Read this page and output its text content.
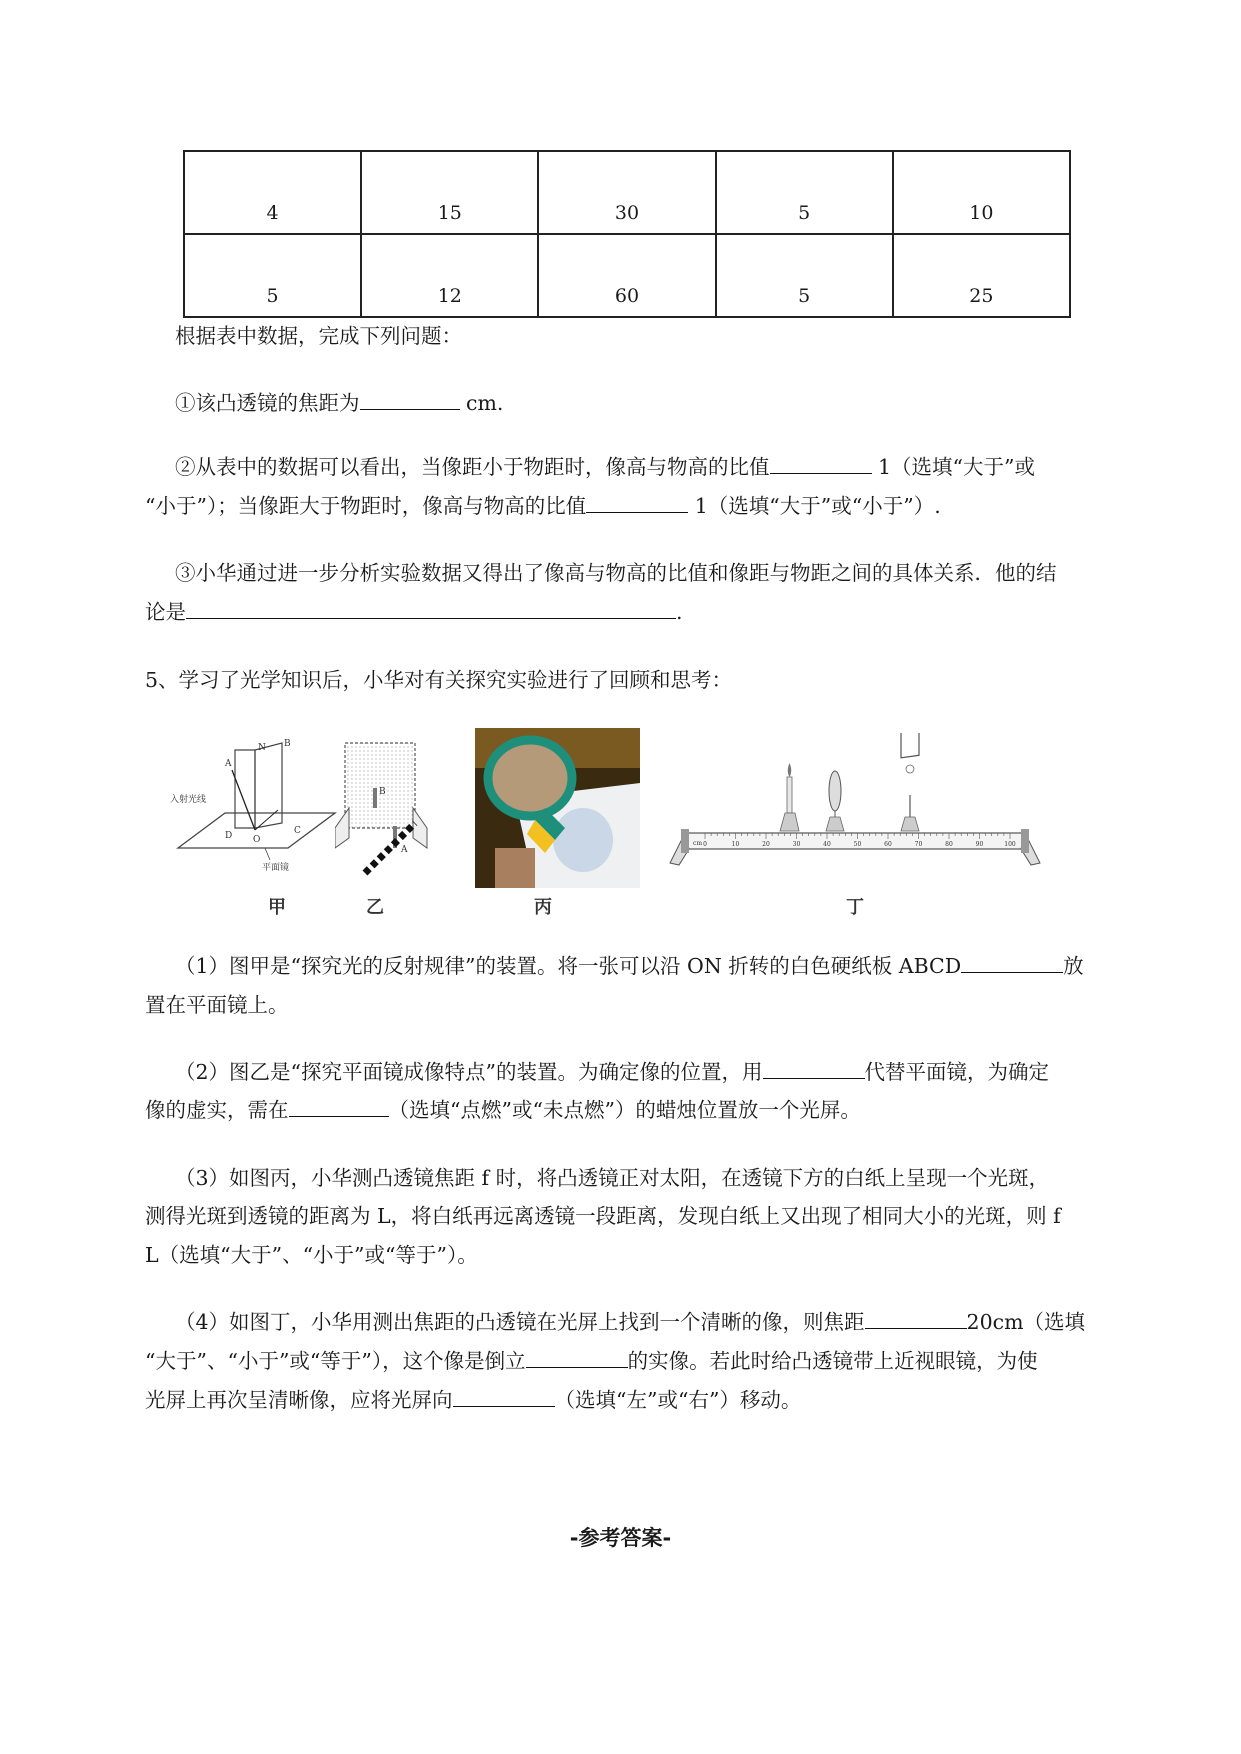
4	15	30	5	10
5	12	60	5	25
根据表中数据，完成下列问题：
①该凸透镜的焦距为	cm.
②从表中的数据可以看出，当像距小于物距时，像高与物高的比值	1（选填“大于”或
“小于”）；当像距大于物距时，像高与物高的比值	1（选填“大于”或“小于”）.
③小华通过进一步分析实验数据又得出了像高与物高的比值和像距与物距之间的具体关系．他的结
论是	.
5、学习了光学知识后，小华对有关探究实验进行了回顾和思考：
A
N B
入射光线
D O
C
平面镜
B
A
0	10	20	30	40	50	60	70	80	90	100
cm
甲	乙	丙	丁
（1）图甲是“探究光的反射规律”的装置。将一张可以沿 ON 折转的白色硬纸板 ABCD	放
置在平面镜上。
（2）图乙是“探究平面镜成像特点”的装置。为确定像的位置，用	代替平面镜，为确定
像的虚实，需在	（选填“点燃”或“未点燃”）的蜡烛位置放一个光屏。
（3）如图丙，小华测凸透镜焦距 f 时，将凸透镜正对太阳，在透镜下方的白纸上呈现一个光斑，
测得光斑到透镜的距离为 L，将白纸再远离透镜一段距离，发现白纸上又出现了相同大小的光斑，则 f
L（选填“大于”、“小于”或“等于”）。
（4）如图丁，小华用测出焦距的凸透镜在光屏上找到一个清晰的像，则焦距	20cm（选填
“大于”、“小于”或“等于”），这个像是倒立	的实像。若此时给凸透镜带上近视眼镜，为使
光屏上再次呈清晰像，应将光屏向	（选填“左”或“右”）移动。
-参考答案-
